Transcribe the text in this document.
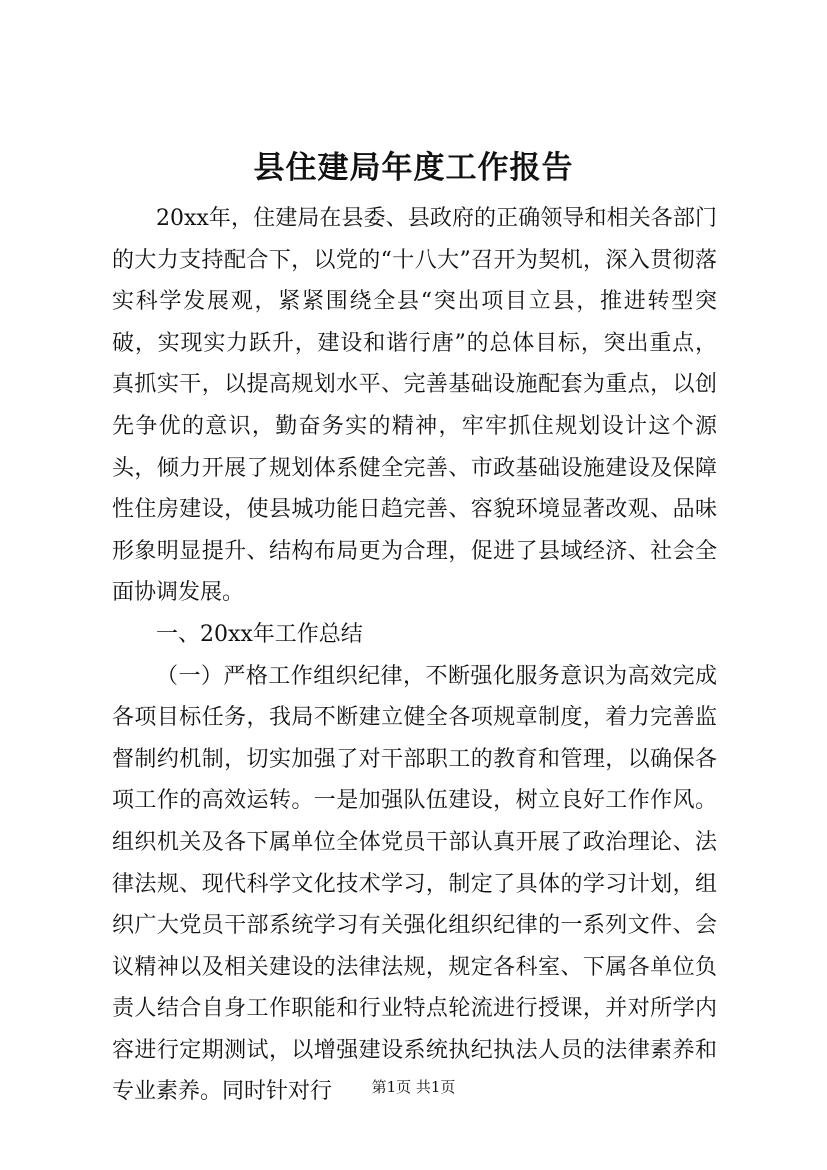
县住建局年度工作报告

20xx年，住建局在县委、县政府的正确领导和相关各部门的大力支持配合下，以党的“十八大”召开为契机，深入贯彻落实科学发展观，紧紧围绕全县“突出项目立县，推进转型突破，实现实力跃升，建设和谐行唐”的总体目标，突出重点，真抓实干，以提高规划水平、完善基础设施配套为重点，以创先争优的意识，勤奋务实的精神，牢牢抓住规划设计这个源头，倾力开展了规划体系健全完善、市政基础设施建设及保障性住房建设，使县城功能日趋完善、容貌环境显著改观、品味形象明显提升、结构布局更为合理，促进了县域经济、社会全面协调发展。

一、20xx年工作总结

（一）严格工作组织纪律，不断强化服务意识为高效完成各项目标任务，我局不断建立健全各项规章制度，着力完善监督制约机制，切实加强了对干部职工的教育和管理，以确保各项工作的高效运转。一是加强队伍建设，树立良好工作作风。组织机关及各下属单位全体党员干部认真开展了政治理论、法律法规、现代科学文化技术学习，制定了具体的学习计划，组织广大党员干部系统学习有关强化组织纪律的一系列文件、会议精神以及相关建设的法律法规，规定各科室、下属各单位负责人结合自身工作职能和行业特点轮流进行授课，并对所学内容进行定期测试，以增强建设系统执纪执法人员的法律素养和专业素养。同时针对行	第1页 共1页
